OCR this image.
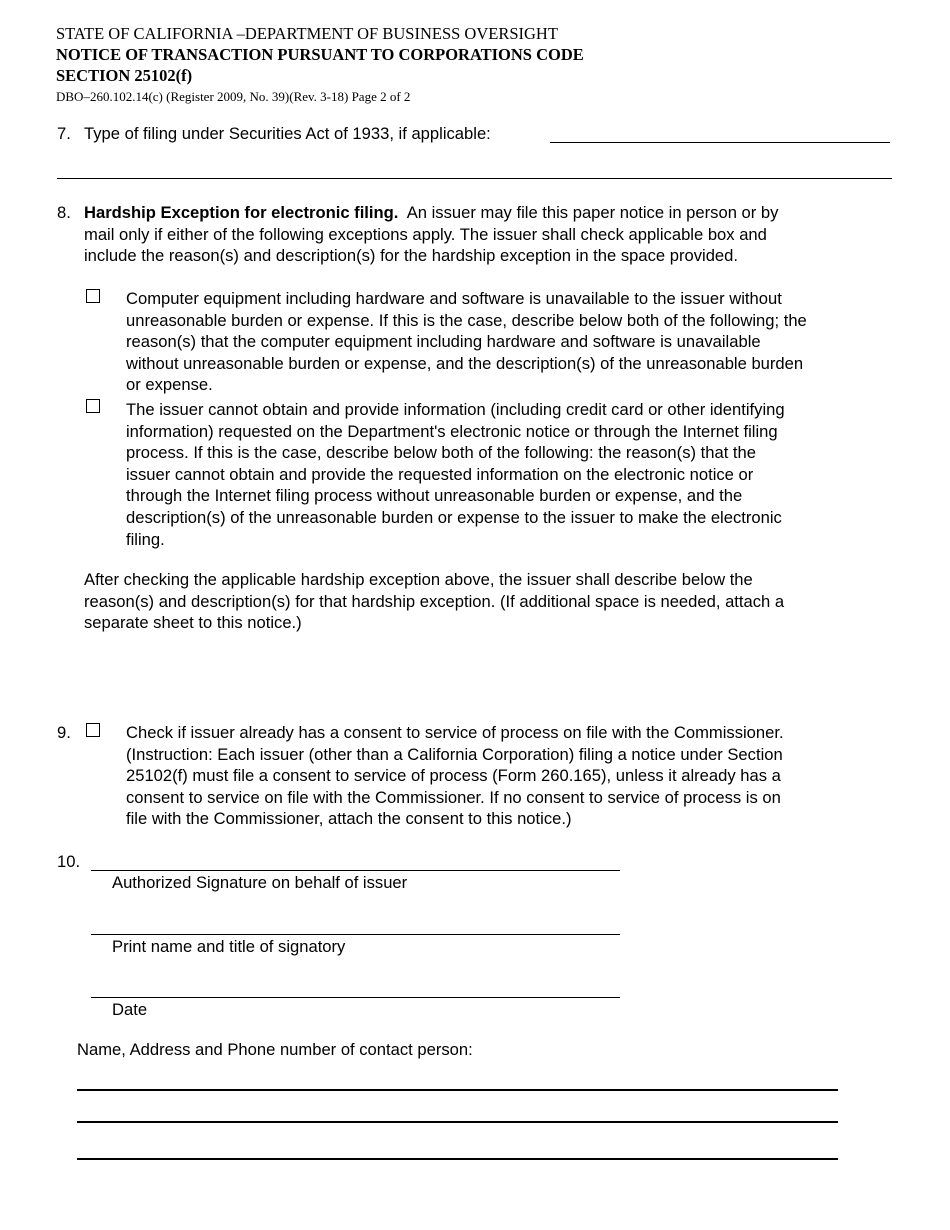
STATE OF CALIFORNIA –DEPARTMENT OF BUSINESS OVERSIGHT
NOTICE OF TRANSACTION PURSUANT TO CORPORATIONS CODE
SECTION 25102(f)
DBO–260.102.14(c) (Register 2009, No. 39)(Rev. 3-18) Page 2 of 2
7. Type of filing under Securities Act of 1933, if applicable:
8. Hardship Exception for electronic filing. An issuer may file this paper notice in person or by
mail only if either of the following exceptions apply. The issuer shall check applicable box and
include the reason(s) and description(s) for the hardship exception in the space provided.
Computer equipment including hardware and software is unavailable to the issuer without
unreasonable burden or expense. If this is the case, describe below both of the following; the
reason(s) that the computer equipment including hardware and software is unavailable
without unreasonable burden or expense, and the description(s) of the unreasonable burden
or expense.
The issuer cannot obtain and provide information (including credit card or other identifying
information) requested on the Department's electronic notice or through the Internet filing
process. If this is the case, describe below both of the following: the reason(s) that the
issuer cannot obtain and provide the requested information on the electronic notice or
through the Internet filing process without unreasonable burden or expense, and the
description(s) of the unreasonable burden or expense to the issuer to make the electronic
filing.
After checking the applicable hardship exception above, the issuer shall describe below the
reason(s) and description(s) for that hardship exception. (If additional space is needed, attach a
separate sheet to this notice.)
9.	Check if issuer already has a consent to service of process on file with the Commissioner.
(Instruction: Each issuer (other than a California Corporation) filing a notice under Section
25102(f) must file a consent to service of process (Form 260.165), unless it already has a
consent to service on file with the Commissioner. If no consent to service of process is on
file with the Commissioner, attach the consent to this notice.)
10.
Authorized Signature on behalf of issuer
Print name and title of signatory
Date
Name, Address and Phone number of contact person:
